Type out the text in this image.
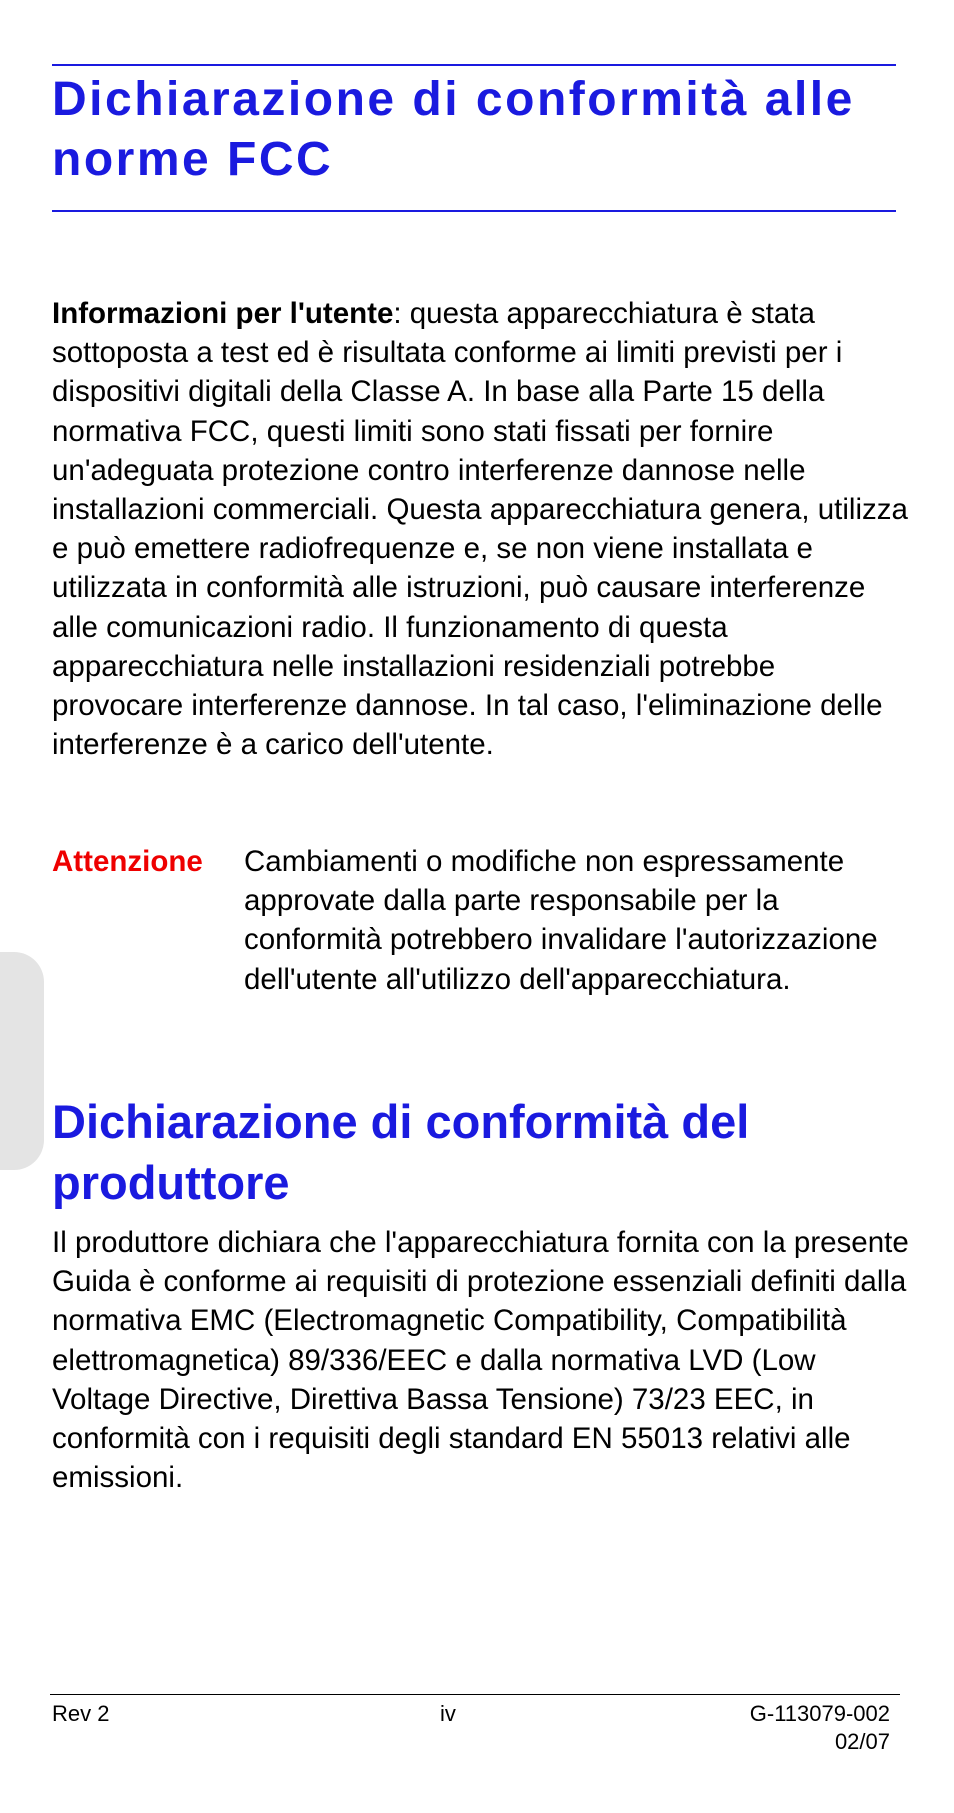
Dichiarazione di conformità alle norme FCC

Informazioni per l'utente: questa apparecchiatura è stata sottoposta a test ed è risultata conforme ai limiti previsti per i dispositivi digitali della Classe A. In base alla Parte 15 della normativa FCC, questi limiti sono stati fissati per fornire un'adeguata protezione contro interferenze dannose nelle installazioni commerciali. Questa apparecchiatura genera, utilizza e può emettere radiofrequenze e, se non viene installata e utilizzata in conformità alle istruzioni, può causare interferenze alle comunicazioni radio. Il funzionamento di questa apparecchiatura nelle installazioni residenziali potrebbe provocare interferenze dannose. In tal caso, l'eliminazione delle interferenze è a carico dell'utente.

Attenzione Cambiamenti o modifiche non espressamente approvate dalla parte responsabile per la conformità potrebbero invalidare l'autorizzazione dell'utente all'utilizzo dell'apparecchiatura.

Dichiarazione di conformità del produttore

Il produttore dichiara che l'apparecchiatura fornita con la presente Guida è conforme ai requisiti di protezione essenziali definiti dalla normativa EMC (Electromagnetic Compatibility, Compatibilità elettromagnetica) 89/336/EEC e dalla normativa LVD (Low Voltage Directive, Direttiva Bassa Tensione) 73/23 EEC, in conformità con i requisiti degli standard EN 55013 relativi alle emissioni.

Rev 2	iv	G-113079-002
02/07
